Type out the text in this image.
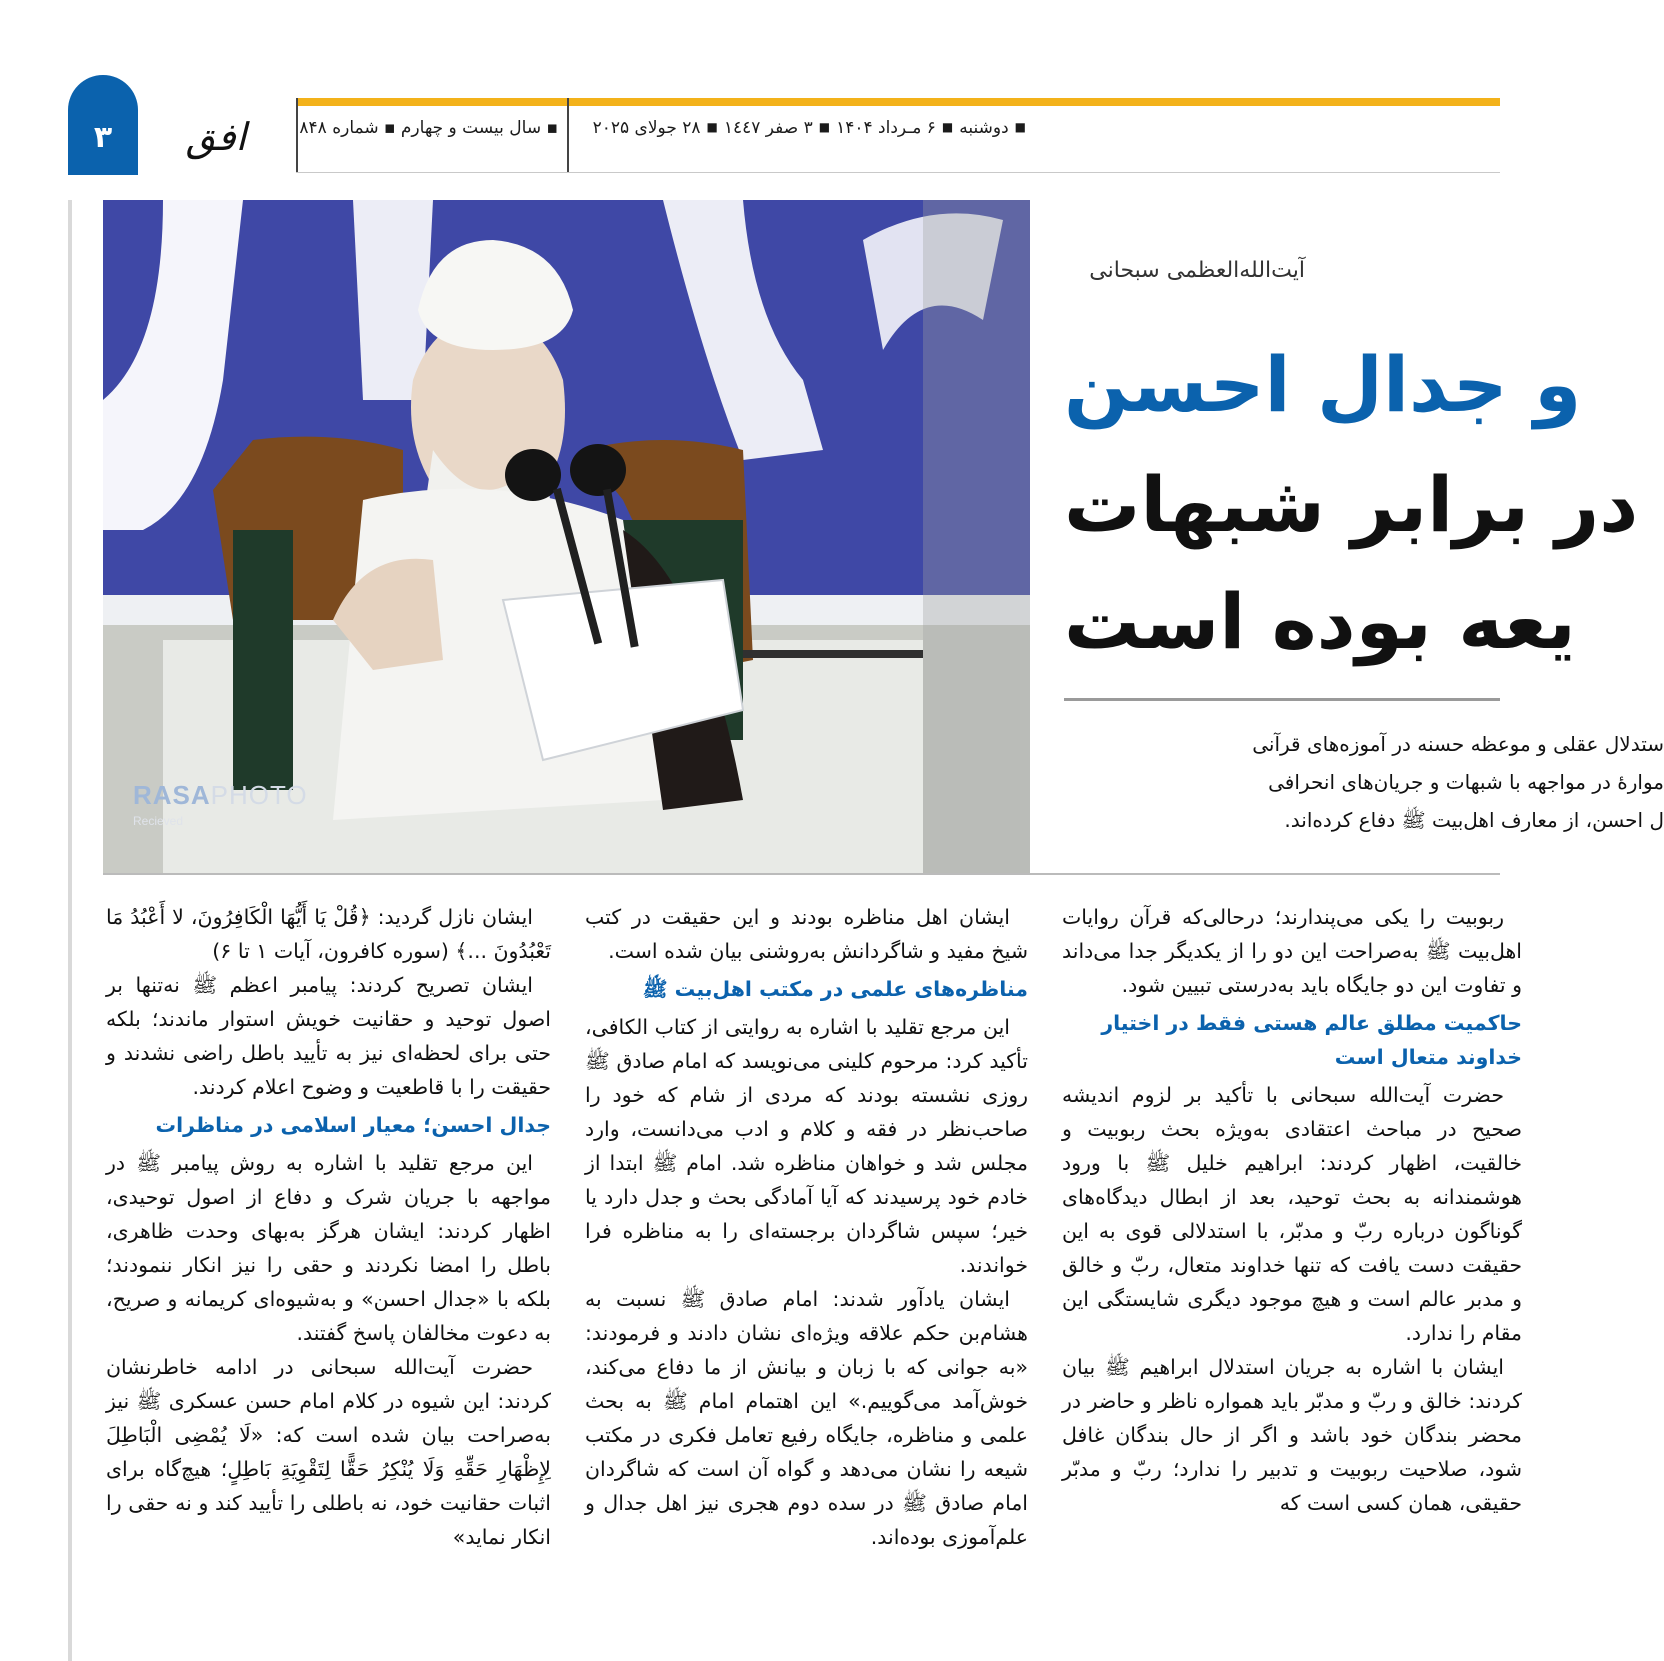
۳	افق	▪ سال بیست و چهارم ▪ شماره ۸۴۸	■دوشنبه■۶ مـرداد ۱۴۰۴■۳ صفر ۱٤٤٧■۲۸ جولای ۲۰۲۵
RASAPHOTO
Recieved
آیت‌الله‌العظمی سبحانی
و جدال احسن
در برابر شبهات
یعه بوده است
ستدلال عقلی و موعظه حسنه در آموزه‌های قرآنی
موارهٔ در مواجهه با شبهات و جریان‌های انحرافی
ل احسن، از معارف اهل‌بیت ﷺ دفاع کرده‌اند.

ربوبیت را یکی می‌پندارند؛ درحالی‌که قرآن روایات اهل‌بیت ﷺ به‌صراحت این دو را از یکدیگر جدا می‌داند و تفاوت این دو جایگاه باید به‌درستی تبیین شود.

حاکمیت مطلق عالم هستی فقط در اختیار خداوند متعال است

حضرت آیت‌الله سبحانی با تأکید بر لزوم اندیشه صحیح در مباحث اعتقادی به‌ویژه بحث ربوبیت و خالقیت، اظهار کردند: ابراهیم خلیل ﷺ با ورود هوشمندانه به بحث توحید، بعد از ابطال دیدگاه‌های گوناگون درباره ربّ و مدبّر، با استدلالی قوی به این حقیقت دست یافت که تنها خداوند متعال، ربّ و خالق و مدبر عالم است و هیچ موجود دیگری شایستگی این مقام را ندارد.

ایشان با اشاره به جریان استدلال ابراهیم ﷺ بیان کردند: خالق و ربّ و مدبّر باید همواره ناظر و حاضر در محضر بندگان خود باشد و اگر از حال بندگان غافل شود، صلاحیت ربوبیت و تدبیر را ندارد؛ ربّ و مدبّر حقیقی، همان کسی است که

ایشان اهل مناظره بودند و این حقیقت در کتب شیخ مفید و شاگردانش به‌روشنی بیان شده است.

مناظره‌های علمی در مکتب اهل‌بیت ﷺ

این مرجع تقلید با اشاره به روایتی از کتاب الکافی، تأکید کرد: مرحوم کلینی می‌نویسد که امام صادق ﷺ روزی نشسته بودند که مردی از شام که خود را صاحب‌نظر در فقه و کلام و ادب می‌دانست، وارد مجلس شد و خواهان مناظره شد. امام ﷺ ابتدا از خادم خود پرسیدند که آیا آمادگی بحث و جدل دارد یا خیر؛ سپس شاگردان برجسته‌ای را به مناظره فرا خواندند.

ایشان یادآور شدند: امام صادق ﷺ نسبت به هشام‌بن حکم علاقه ویژه‌ای نشان دادند و فرمودند: «به جوانی که با زبان و بیانش از ما دفاع می‌کند، خوش‌آمد می‌گوییم.» این اهتمام امام ﷺ به بحث علمی و مناظره، جایگاه رفیع تعامل فکری در مکتب شیعه را نشان می‌دهد و گواه آن است که شاگردان امام صادق ﷺ در سده دوم هجری نیز اهل جدال و علم‌آموزی بوده‌اند.

ایشان نازل گردید: ﴿قُلْ یَا أَیُّهَا الْکَافِرُونَ، لا أَعْبُدُ مَا تَعْبُدُونَ ...﴾ (سوره کافرون، آیات ۱ تا ۶)

ایشان تصریح کردند: پیامبر اعظم ﷺ نه‌تنها بر اصول توحید و حقانیت خویش استوار ماندند؛ بلکه حتی برای لحظه‌ای نیز به تأیید باطل راضی نشدند و حقیقت را با قاطعیت و وضوح اعلام کردند.

جدال احسن؛ معیار اسلامی در مناظرات

این مرجع تقلید با اشاره به روش پیامبر ﷺ در مواجهه با جریان شرک و دفاع از اصول توحیدی، اظهار کردند: ایشان هرگز به‌بهای وحدت ظاهری، باطل را امضا نکردند و حقی را نیز انکار ننمودند؛ بلکه با «جدال احسن» و به‌شیوه‌ای کریمانه و صریح، به دعوت مخالفان پاسخ گفتند.

حضرت آیت‌الله سبحانی در ادامه خاطرنشان کردند: این شیوه در کلام امام حسن عسکری ﷺ نیز به‌صراحت بیان شده است که: «لَا یُمْضِی الْبَاطِلَ لِإِظْهَارِ حَقِّهِ وَلَا یُنْکِرُ حَقًّا لِتَقْوِیَةِ بَاطِلٍ؛ هیچ‌گاه برای اثبات حقانیت خود، نه باطلی را تأیید کند و نه حقی را انکار نماید»
